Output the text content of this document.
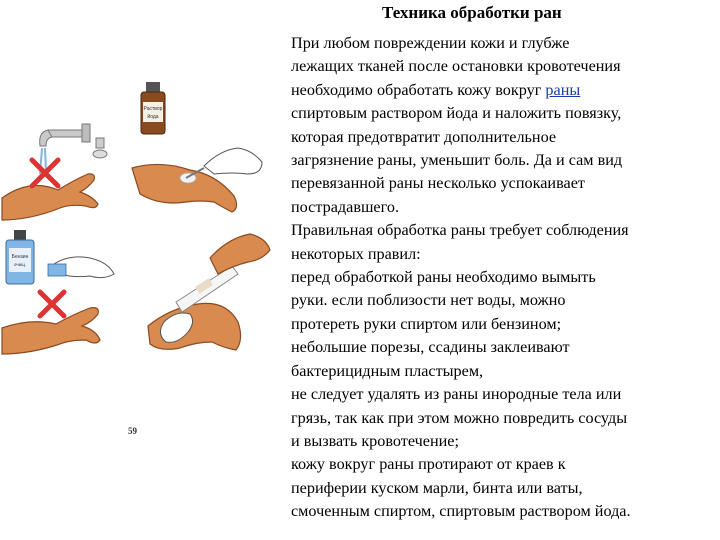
Техника обработки ран
Раствор
йода
Бензин
очищ.
59
При любом повреждении кожи и глубже
лежащих тканей после остановки кровотечения
необходимо обработать кожу вокруг раны
спиртовым раствором йода и наложить повязку,
которая предотвратит дополнительное
загрязнение раны, уменьшит боль. Да и сам вид
перевязанной раны несколько успокаивает
пострадавшего.
Правильная обработка раны требует соблюдения
некоторых правил:
перед обработкой раны необходимо вымыть
руки. если поблизости нет воды, можно
протереть руки спиртом или бензином;
небольшие порезы, ссадины заклеивают
бактерицидным пластырем,
не следует удалять из раны инородные тела или
грязь, так как при этом можно повредить сосуды
и вызвать кровотечение;
кожу вокруг раны протирают от краев к
периферии куском марли, бинта или ваты,
смоченным спиртом, спиртовым раствором йода.
